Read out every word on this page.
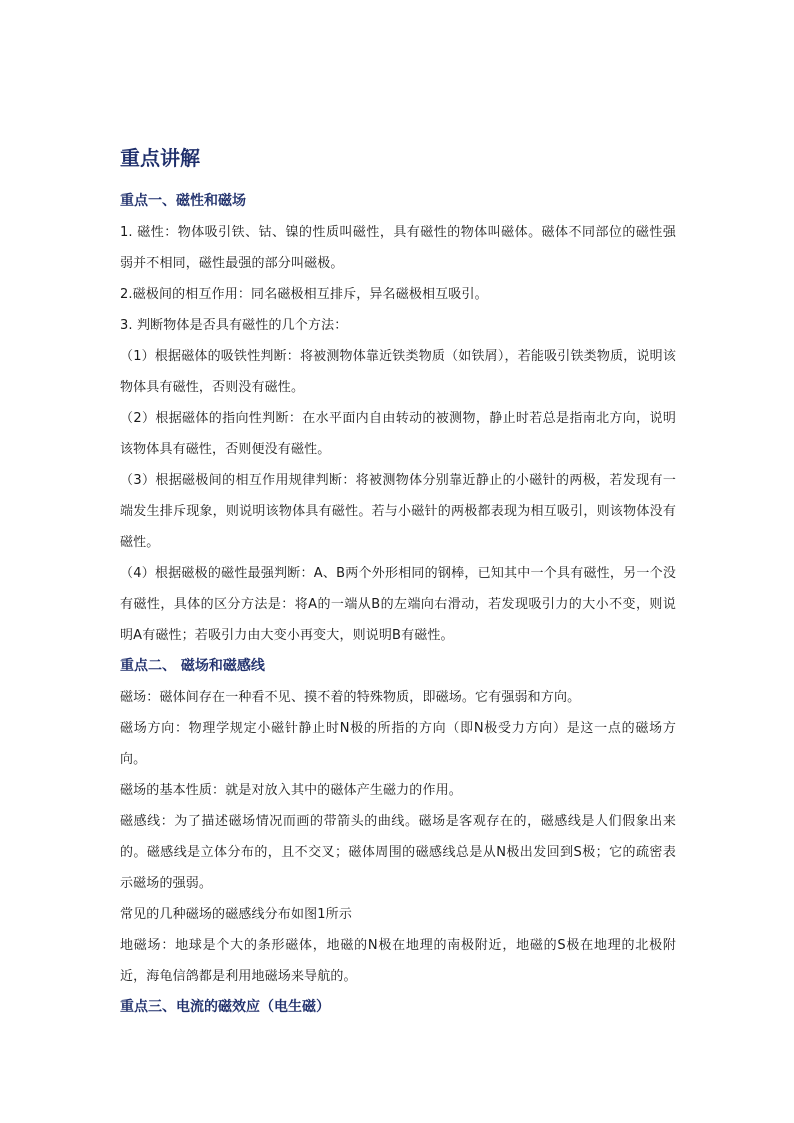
重点讲解
重点一、磁性和磁场

1. 磁性：物体吸引铁、钴、镍的性质叫磁性，具有磁性的物体叫磁体。磁体不同部位的磁性强弱并不相同，磁性最强的部分叫磁极。

2.磁极间的相互作用：同名磁极相互排斥，异名磁极相互吸引。

3. 判断物体是否具有磁性的几个方法：

（1）根据磁体的吸铁性判断：将被测物体靠近铁类物质（如铁屑），若能吸引铁类物质，说明该物体具有磁性，否则没有磁性。

（2）根据磁体的指向性判断：在水平面内自由转动的被测物，静止时若总是指南北方向，说明该物体具有磁性，否则便没有磁性。

（3）根据磁极间的相互作用规律判断：将被测物体分别靠近静止的小磁针的两极，若发现有一端发生排斥现象，则说明该物体具有磁性。若与小磁针的两极都表现为相互吸引，则该物体没有磁性。

（4）根据磁极的磁性最强判断：A、B两个外形相同的钢棒，已知其中一个具有磁性，另一个没有磁性，具体的区分方法是：将A的一端从B的左端向右滑动，若发现吸引力的大小不变，则说明A有磁性；若吸引力由大变小再变大，则说明B有磁性。

重点二、 磁场和磁感线

磁场：磁体间存在一种看不见、摸不着的特殊物质，即磁场。它有强弱和方向。

磁场方向：物理学规定小磁针静止时N极的所指的方向（即N极受力方向）是这一点的磁场方向。

磁场的基本性质：就是对放入其中的磁体产生磁力的作用。

磁感线：为了描述磁场情况而画的带箭头的曲线。磁场是客观存在的，磁感线是人们假象出来的。磁感线是立体分布的，且不交叉；磁体周围的磁感线总是从N极出发回到S极；它的疏密表示磁场的强弱。

常见的几种磁场的磁感线分布如图1所示

地磁场：地球是个大的条形磁体，地磁的N极在地理的南极附近，地磁的S极在地理的北极附近，海龟信鸽都是利用地磁场来导航的。

重点三、电流的磁效应（电生磁）
